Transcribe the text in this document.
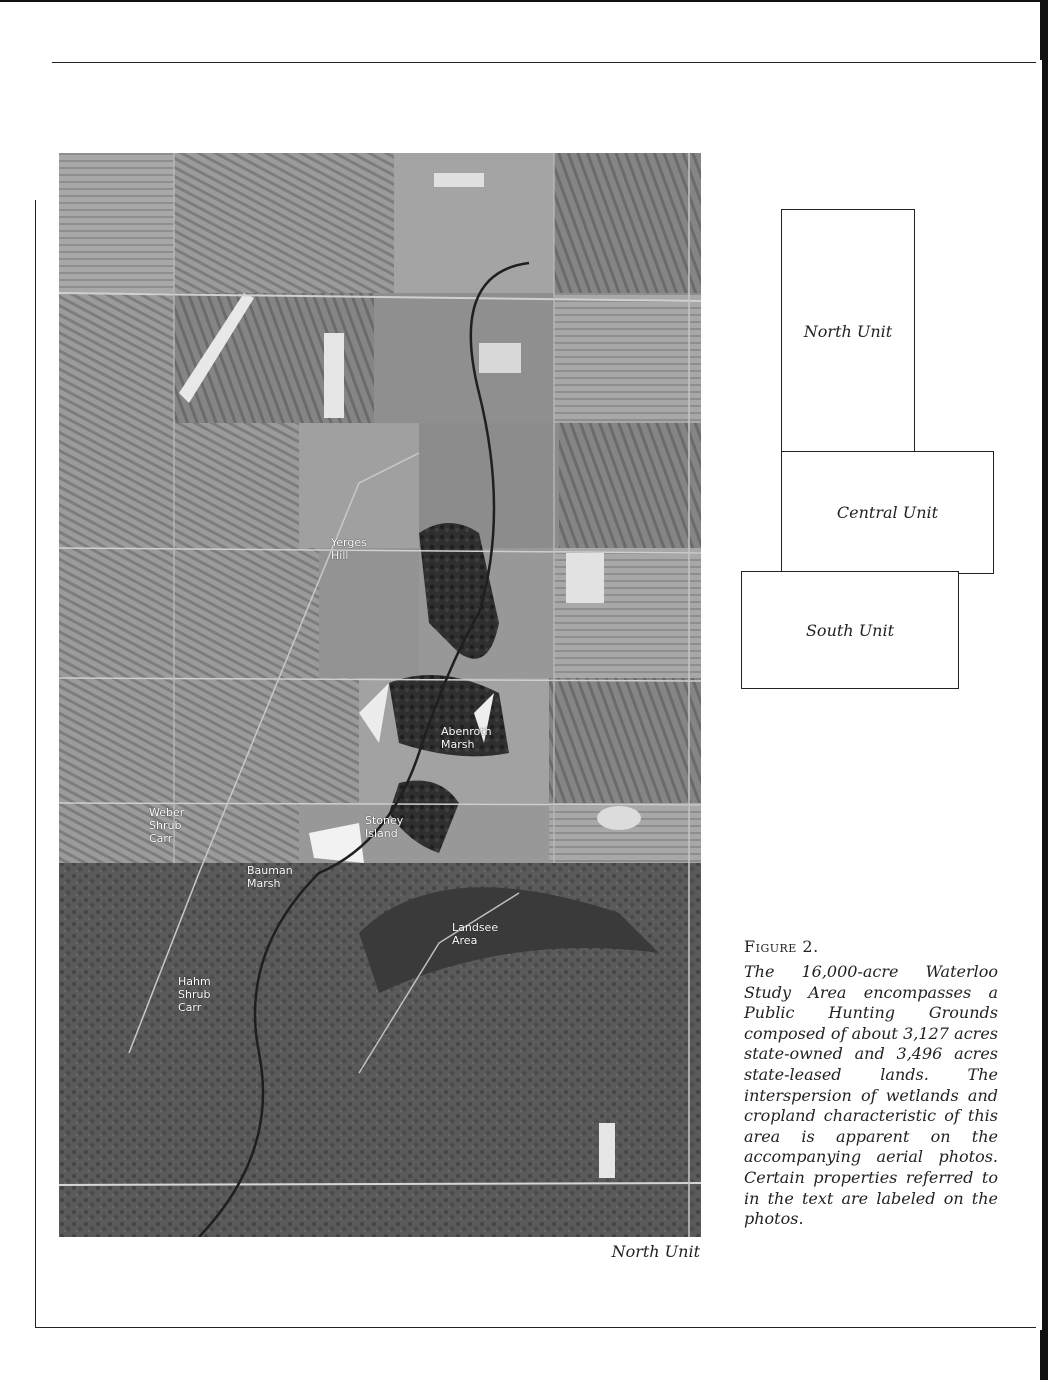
Yerges
Hill
Abenroth
Marsh
Weber
Shrub
Carr
Stoney
Island
Bauman
Marsh
Landsee
Area
Hahm
Shrub
Carr
North Unit
North Unit
Central Unit
South Unit
Figure 2.
The 16,000-acre Waterloo Study Area encompasses a Public Hunting Grounds composed of about 3,127 acres state-owned and 3,496 acres state-leased lands. The interspersion of wetlands and cropland characteristic of this area is apparent on the accompanying aerial photos. Certain properties referred to in the text are labeled on the photos.
